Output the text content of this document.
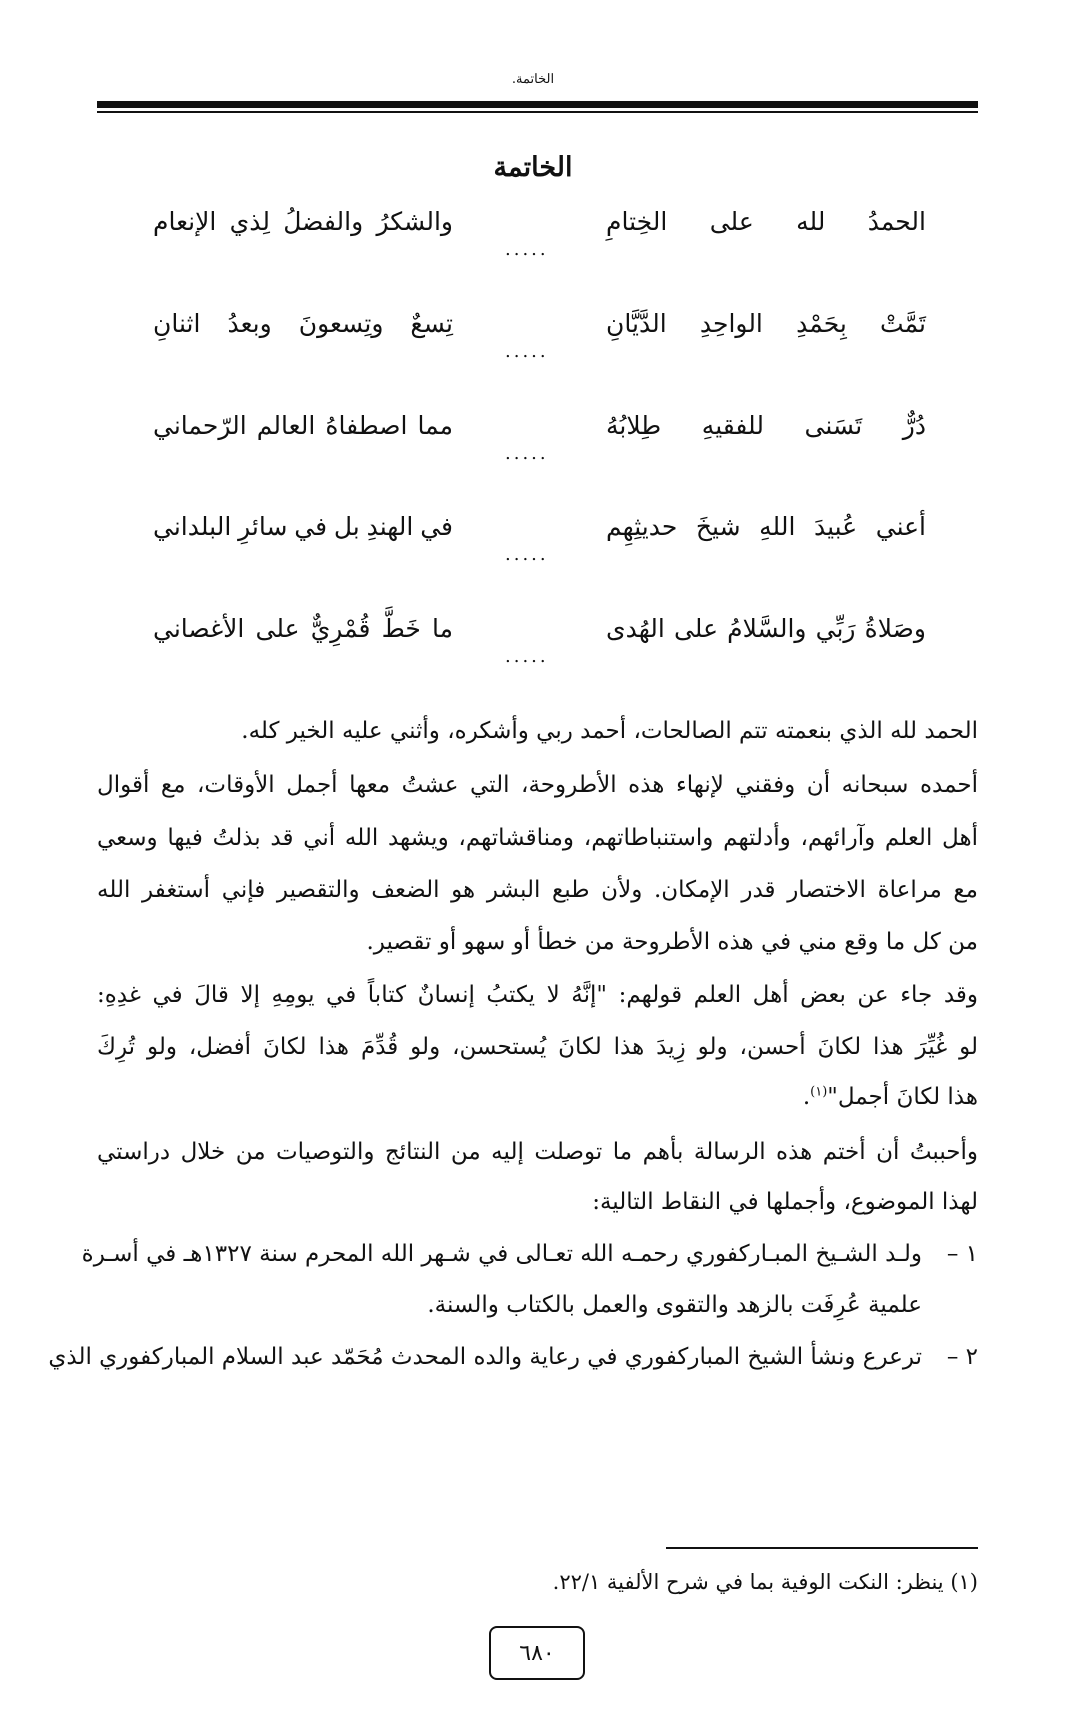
الخاتمة.
الخاتمة
الحمدُ
لله
على
الخِتامِ
.....
والشكرُ
والفضلُ
لِذي
الإنعام
تَمَّتْ
بِحَمْدِ
الواحِدِ
الدَّيَّانِ
.....
تِسعٌ
وتِسعونَ
وبعدُ
اثنانِ
دُرٌّ
تَسَنى
للفقيهِ
طِلابُهُ
.....
مما
اصطفاهُ
العالم
الرّحماني
أعني
عُبيدَ
اللهِ
شيخَ
حديثِهِم
.....
في
الهندِ
بل
في
سائرِ
البلداني
وصَلاةُ
رَبِّي
والسَّلامُ
على
الهُدى
.....
ما
خَطَّ
قُمْرِيٌّ
على
الأغصاني
الحمد لله الذي بنعمته تتم الصالحات، أحمد ربي وأشكره، وأثني عليه الخير كله.
أحمده سبحانه أن وفقني لإنهاء هذه الأطروحة، التي عشتُ معها أجمل الأوقات، مع أقوال
أهل العلم وآرائهم، وأدلتهم واستنباطاتهم، ومناقشاتهم، ويشهد الله أني قد بذلتُ فيها وسعي
مع مراعاة الاختصار قدر الإمكان. ولأن طبع البشر هو الضعف والتقصير فإني أستغفر الله
من كل ما وقع مني في هذه الأطروحة من خطأ أو سهو أو تقصير.
وقد جاء عن بعض أهل العلم قولهم: "إنَّهُ لا يكتبُ إنسانٌ كتاباً في يومِهِ إلا قالَ في غدِهِ:
لو غُيِّرَ هذا لكانَ أحسن، ولو زِيدَ هذا لكانَ يُستحسن، ولو قُدِّمَ هذا لكانَ أفضل، ولو تُرِكَ
هذا لكانَ أجمل"$^{(١)}$.
وأحببتُ أن أختم هذه الرسالة بأهم ما توصلت إليه من النتائج والتوصيات من خلال دراستي
لهذا الموضوع، وأجملها في النقاط التالية:
١ –
ولـد الشـيخ المبـاركفوري رحمـه الله تعـالى في شـهر الله المحرم سنة ١٣٢٧هـ في أسـرة
علمية عُرِفَت بالزهد والتقوى والعمل بالكتاب والسنة.
٢ –
ترعرع ونشأ الشيخ المباركفوري في رعاية والده المحدث مُحَمّد عبد السلام المباركفوري الذي
(١) ينظر: النكت الوفية بما في شرح الألفية ٢٢/١.
٦٨٠
